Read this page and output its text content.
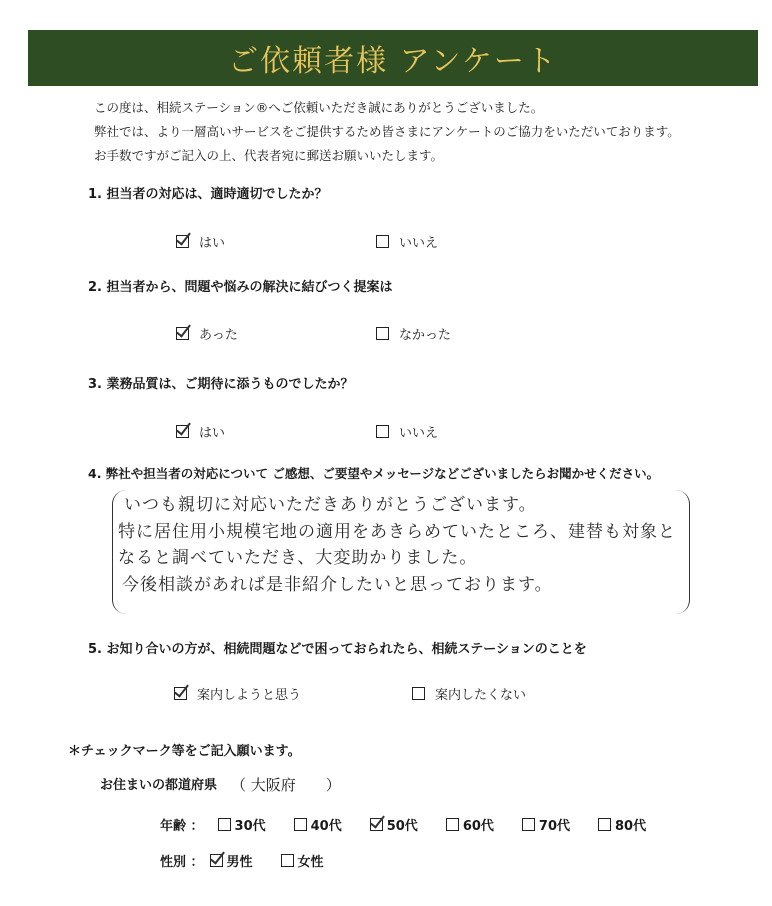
ご依頼者様 アンケート
この度は、相続ステーション®へご依頼いただき誠にありがとうございました。
弊社では、より一層高いサービスをご提供するため皆さまにアンケートのご協力をいただいております。
お手数ですがご記入の上、代表者宛に郵送お願いいたします。
1. 担当者の対応は、適時適切でしたか？
はい	いいえ
2. 担当者から、問題や悩みの解決に結びつく提案は
あった	なかった
3. 業務品質は、ご期待に添うものでしたか？
はい	いいえ
4. 弊社や担当者の対応について ご感想、ご要望やメッセージなどございましたらお聞かせください。
いつも親切に対応いただきありがとうございます。
特に居住用小規模宅地の適用をあきらめていたところ、建替も対象と
なると調べていただき、大変助かりました。
今後相談があれば是非紹介したいと思っております。
5. お知り合いの方が、相続問題などで困っておられたら、相続ステーションのことを
案内しようと思う	案内したくない
＊チェックマーク等をご記入願います。
お住まいの都道府県 （ 大阪府　　）
年齢 ： 30代	40代	50代	60代	70代	80代
性別 ： 男性	女性
